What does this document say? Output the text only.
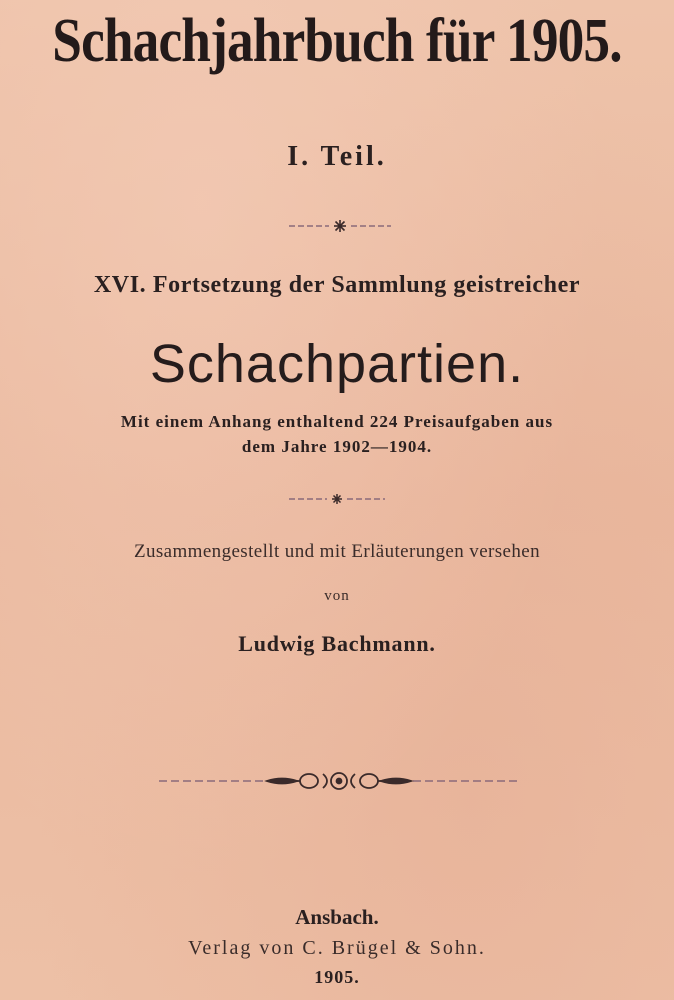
Schachjahrbuch für 1905.
I. Teil.
XVI. Fortsetzung der Sammlung geistreicher
Schachpartien.
Mit einem Anhang enthaltend 224 Preisaufgaben aus
dem Jahre 1902—1904.
Zusammengestellt und mit Erläuterungen versehen
von
Ludwig Bachmann.
Ansbach.
Verlag von C. Brügel & Sohn.
1905.
